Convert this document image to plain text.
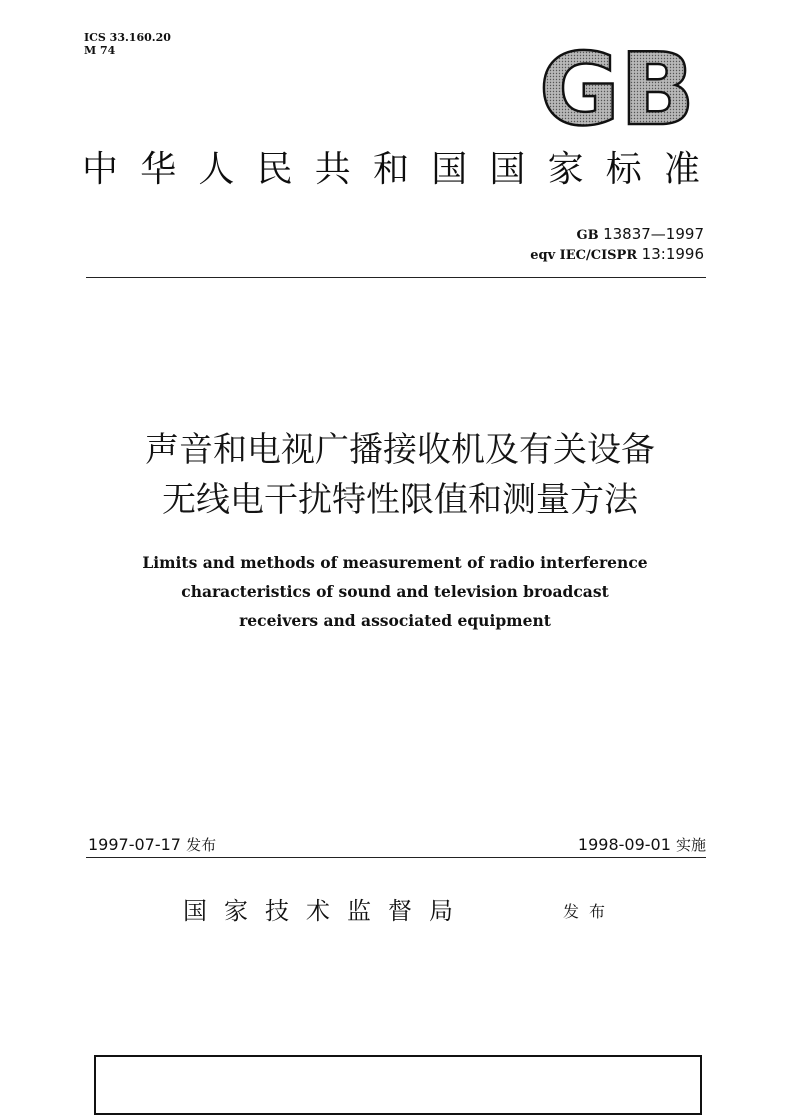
ICS 33.160.20
M 74	GB
中华人民共和国国家标准
GB 13837—1997
eqv IEC/CISPR 13:1996
声音和电视广播接收机及有关设备
无线电干扰特性限值和测量方法
Limits and methods of measurement of radio interference
characteristics of sound and television broadcast
receivers and associated equipment
1997-07-17 发布	1998-09-01 实施
国家技术监督局	发布
